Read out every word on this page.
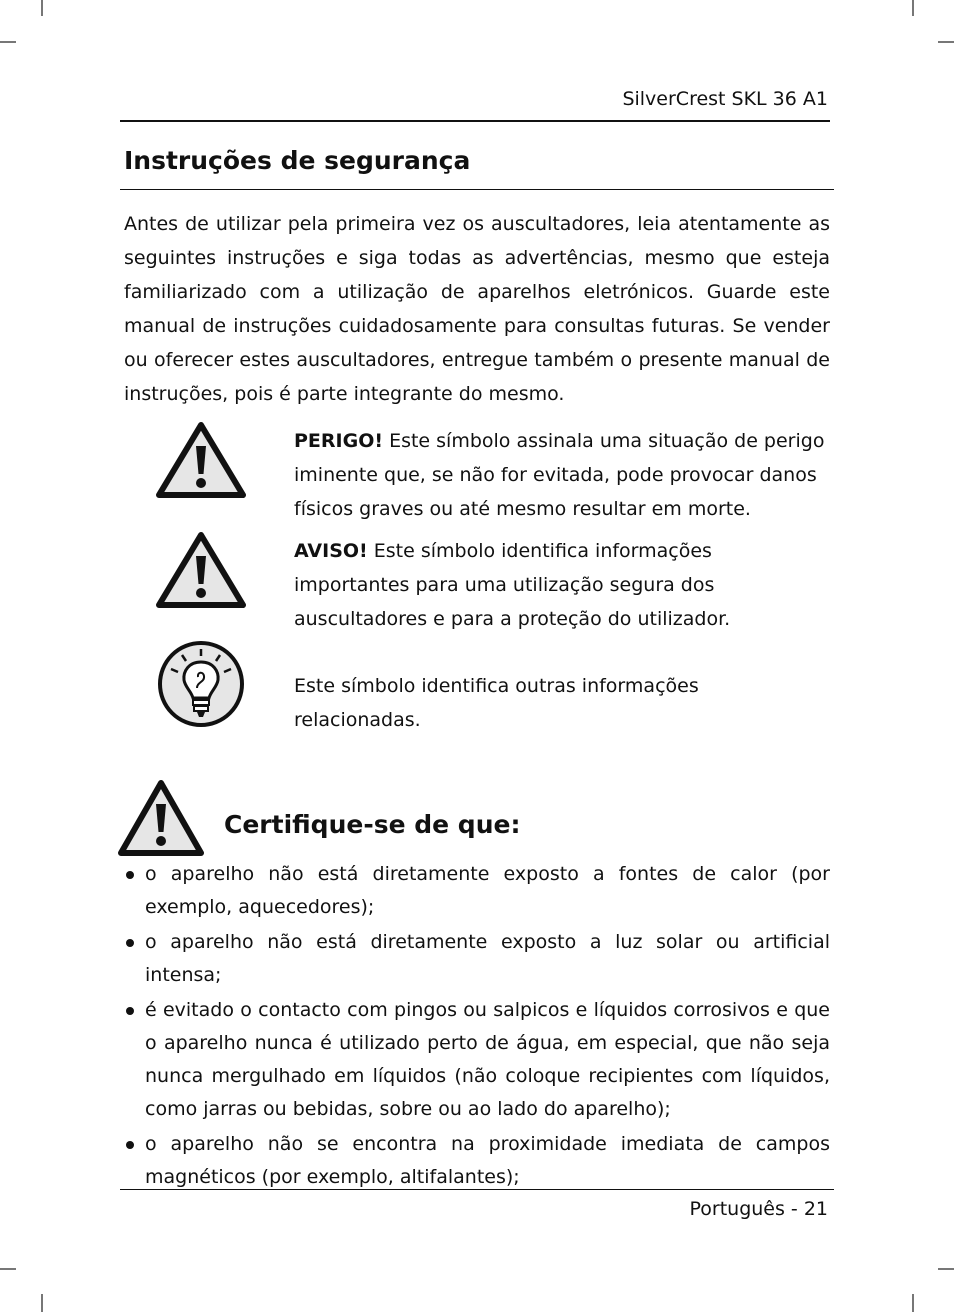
SilverCrest SKL 36 A1
Instruções de segurança

Antes de utilizar pela primeira vez os auscultadores, leia atentamente as seguintes instruções e siga todas as advertências, mesmo que esteja familiarizado com a utilização de aparelhos eletrónicos. Guarde este manual de instruções cuidadosamente para consultas futuras. Se vender ou oferecer estes auscultadores, entregue também o presente manual de instruções, pois é parte integrante do mesmo.

PERIGO! Este símbolo assinala uma situação de perigo iminente que, se não for evitada, pode provocar danos físicos graves ou até mesmo resultar em morte.

AVISO! Este símbolo identifica informações importantes para uma utilização segura dos auscultadores e para a proteção do utilizador.

Este símbolo identifica outras informações relacionadas.

Certifique-se de que:
o aparelho não está diretamente exposto a fontes de calor (por exemplo, aquecedores);
o aparelho não está diretamente exposto a luz solar ou artificial intensa;
é evitado o contacto com pingos ou salpicos e líquidos corrosivos e que o aparelho nunca é utilizado perto de água, em especial, que não seja nunca mergulhado em líquidos (não coloque recipientes com líquidos, como jarras ou bebidas, sobre ou ao lado do aparelho);
o aparelho não se encontra na proximidade imediata de campos magnéticos (por exemplo, altifalantes);
Português - 21
